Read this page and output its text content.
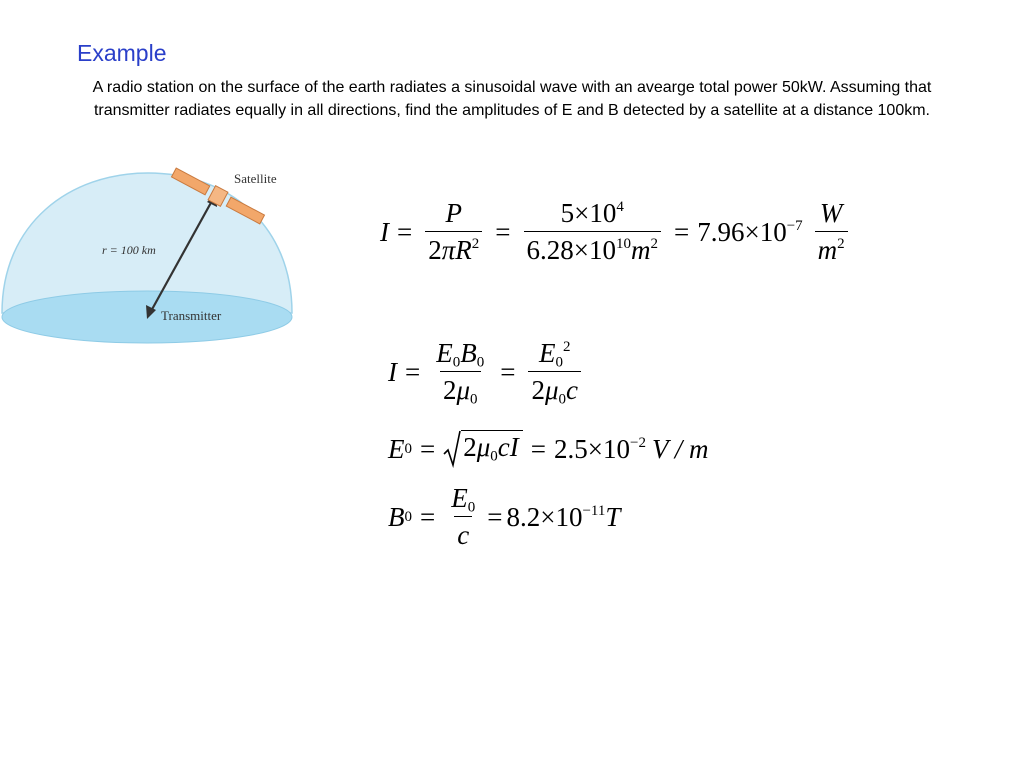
Example
A radio station on the surface of the earth radiates a sinusoidal wave with an avearge total power 50kW. Assuming that
transmitter radiates equally in all directions, find the amplitudes of E and B detected by a satellite at a distance 100km.
Satellite
r = 100 km
Transmitter
$I = \frac{P}{2\pi R^2} = \frac{5\times 10^4}{6.28\times 10^{10}m^2} = 7.96\times 10^{-7} \frac{W}{m^2}$
$I = \frac{E_0B_0}{2\mu_0} = \frac{E_0^2}{2\mu_0c}$
E $0 = 2\mu_0cI = 2.5\times 10^{-2}$ V / m
B $0 = \frac{E_0}{c} = 8.2\times 10^{-11}$ T
